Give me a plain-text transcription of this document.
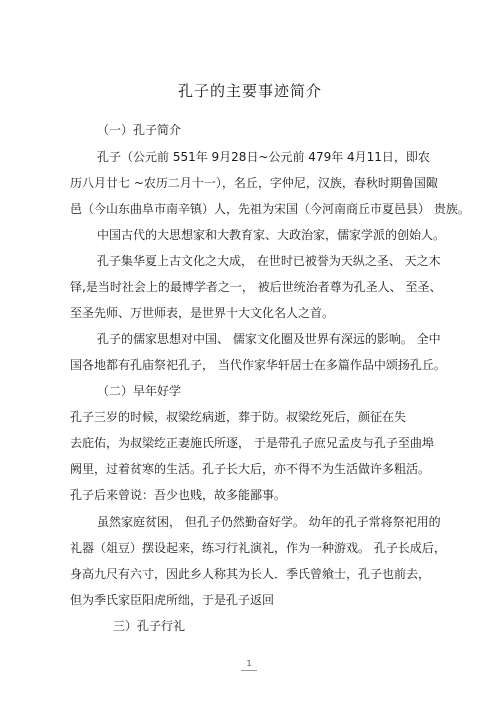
孔子的主要事迹简介
（一）孔子简介
孔子（公元前 551年 9月28日~公元前 479年 4月11日，即农
历八月廿七 ~农历二月十一），名丘，字仲尼，汉族，春秋时期鲁国陬
邑（今山东曲阜市南辛镇）人，先祖为宋国（今河南商丘市夏邑县） 贵族。
中国古代的大思想家和大教育家、大政治家，儒家学派的创始人。
孔子集华夏上古文化之大成， 在世时已被誉为天纵之圣、 天之木
铎,是当时社会上的最博学者之一， 被后世统治者尊为孔圣人、 至圣、
至圣先师、万世师表，是世界十大文化名人之首。
孔子的儒家思想对中国、 儒家文化圈及世界有深远的影响。 全中
国各地都有孔庙祭祀孔子， 当代作家华轩居士在多篇作品中颂扬孔丘。
（二）早年好学
孔子三岁的时候，叔梁纥病逝，葬于防。叔梁纥死后，颜征在失
去庇佑，为叔梁纥正妻施氏所逐， 于是带孔子庶兄孟皮与孔子至曲埠
阙里，过着贫寒的生活。孔子长大后，亦不得不为生活做许多粗活。
孔子后来曾说：吾少也贱，故多能鄙事。
虽然家庭贫困， 但孔子仍然勤奋好学。 幼年的孔子常将祭祀用的
礼器（俎豆）摆设起来，练习行礼演礼，作为一种游戏。 孔子长成后，
身高九尺有六寸，因此乡人称其为长人．季氏曾飨士，孔子也前去，
但为季氏家臣阳虎所绌，于是孔子返回
三）孔子行礼
1
